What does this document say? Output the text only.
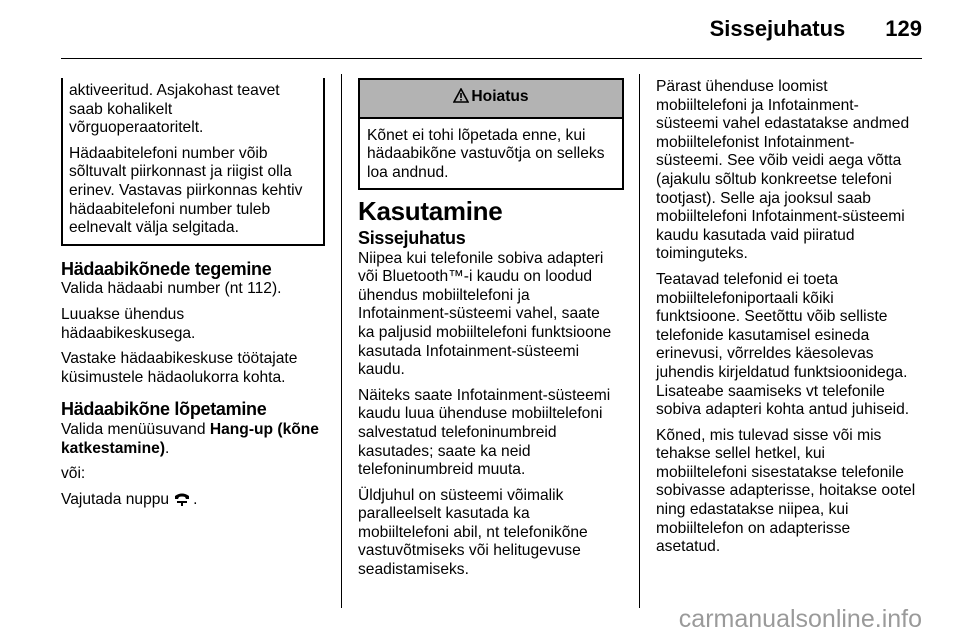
Sissejuhatus 129

aktiveeritud. Asjakohast teavet
saab kohalikelt
võrguoperaatoritelt.

Hädaabitelefoni number võib
sõltuvalt piirkonnast ja riigist olla
erinev. Vastavas piirkonnas kehtiv
hädaabitelefoni number tuleb
eelnevalt välja selgitada.

Hädaabikõnede tegemine

Valida hädaabi number (nt 112).

Luuakse ühendus
hädaabikeskusega.

Vastake hädaabikeskuse töötajate
küsimustele hädaolukorra kohta.

Hädaabikõne lõpetamine

Valida menüüsuvand Hang-up (kõne
katkestamine).

või:

Vajutada nuppu .

Hoiatus
Kõnet ei tohi lõpetada enne, kui
hädaabikõne vastuvõtja on selleks
loa andnud.
Kasutamine
Sissejuhatus

Niipea kui telefonile sobiva adapteri
või Bluetooth™-i kaudu on loodud
ühendus mobiiltelefoni ja
Infotainment-süsteemi vahel, saate
ka paljusid mobiiltelefoni funktsioone
kasutada Infotainment-süsteemi
kaudu.

Näiteks saate Infotainment-süsteemi
kaudu luua ühenduse mobiiltelefoni
salvestatud telefoninumbreid
kasutades; saate ka neid
telefoninumbreid muuta.

Üldjuhul on süsteemi võimalik
paralleelselt kasutada ka
mobiiltelefoni abil, nt telefonikõne
vastuvõtmiseks või helitugevuse
seadistamiseks.

Pärast ühenduse loomist
mobiiltelefoni ja Infotainment-
süsteemi vahel edastatakse andmed
mobiiltelefonist Infotainment-
süsteemi. See võib veidi aega võtta
(ajakulu sõltub konkreetse telefoni
tootjast). Selle aja jooksul saab
mobiiltelefoni Infotainment-süsteemi
kaudu kasutada vaid piiratud
toiminguteks.

Teatavad telefonid ei toeta
mobiiltelefoniportaali kõiki
funktsioone. Seetõttu võib selliste
telefonide kasutamisel esineda
erinevusi, võrreldes käesolevas
juhendis kirjeldatud funktsioonidega.
Lisateabe saamiseks vt telefonile
sobiva adapteri kohta antud juhiseid.

Kõned, mis tulevad sisse või mis
tehakse sellel hetkel, kui
mobiiltelefoni sisestatakse telefonile
sobivasse adapterisse, hoitakse ootel
ning edastatakse niipea, kui
mobiiltelefon on adapterisse
asetatud.

carmanualsonline.info
